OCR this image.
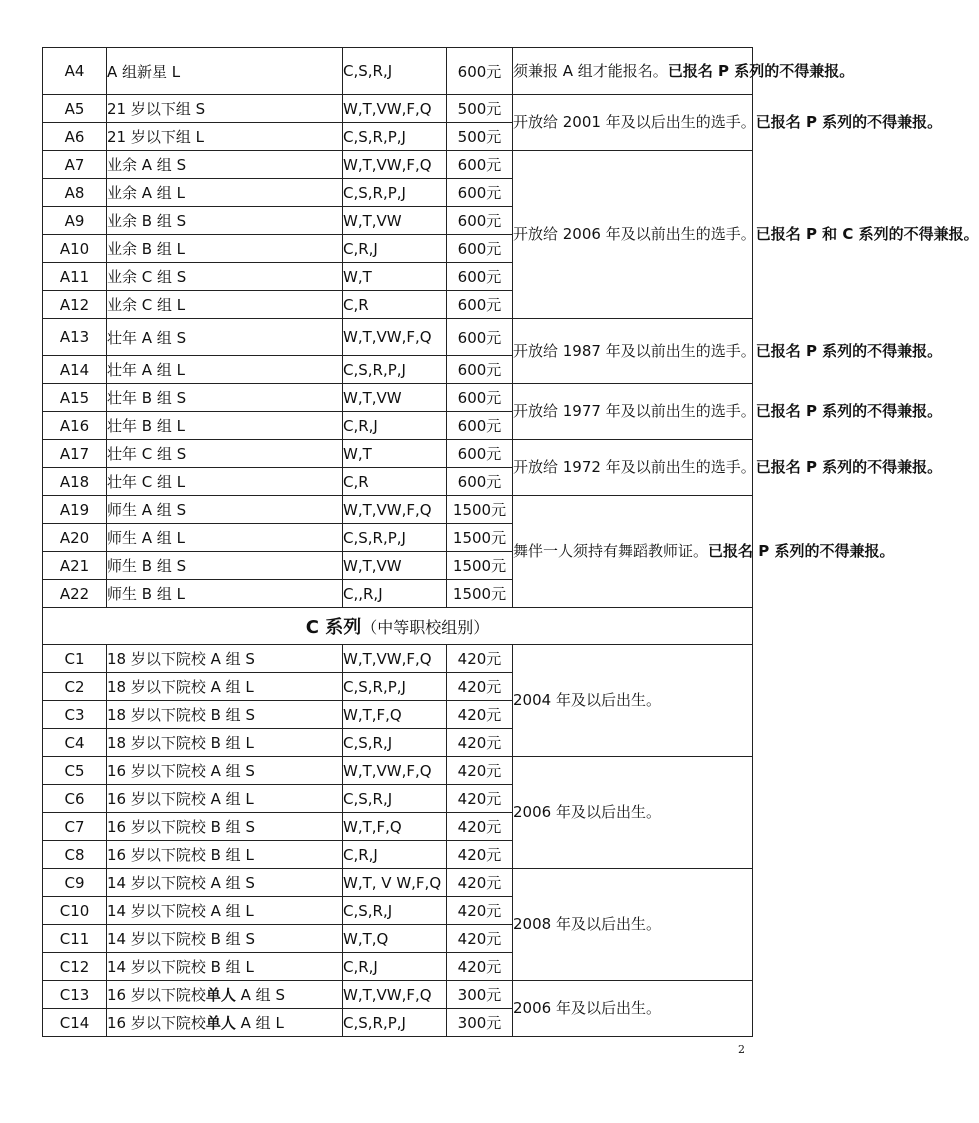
A4	A 组新星 L	C,S,R,J	600元	须兼报 A 组才能报名。已报名 P 系列的不得兼报。
A5	21 岁以下组 S	W,T,VW,F,Q	500元	开放给 2001 年及以后出生的选手。已报名 P 系列的不得兼报。
A6	21 岁以下组 L	C,S,R,P,J	500元	
A7	业余 A 组 S	W,T,VW,F,Q	600元	开放给 2006 年及以前出生的选手。已报名 P 和 C 系列的不得兼报。
A8	业余 A 组 L	C,S,R,P,J	600元	
A9	业余 B 组 S	W,T,VW	600元	
A10	业余 B 组 L	C,R,J	600元	
A11	业余 C 组 S	W,T	600元	
A12	业余 C 组 L	C,R	600元	
A13	壮年 A 组 S	W,T,VW,F,Q	600元	开放给 1987 年及以前出生的选手。已报名 P 系列的不得兼报。
A14	壮年 A 组 L	C,S,R,P,J	600元	
A15	壮年 B 组 S	W,T,VW	600元	开放给 1977 年及以前出生的选手。已报名 P 系列的不得兼报。
A16	壮年 B 组 L	C,R,J	600元	
A17	壮年 C 组 S	W,T	600元	开放给 1972 年及以前出生的选手。已报名 P 系列的不得兼报。
A18	壮年 C 组 L	C,R	600元	
A19	师生 A 组 S	W,T,VW,F,Q	1500元	舞伴一人须持有舞蹈教师证。已报名 P 系列的不得兼报。
A20	师生 A 组 L	C,S,R,P,J	1500元	
A21	师生 B 组 S	W,T,VW	1500元	
A22	师生 B 组 L	C,,R,J	1500元	
C 系列（中等职校组别）				
C1	18 岁以下院校 A 组 S	W,T,VW,F,Q	420元	2004 年及以后出生。
C2	18 岁以下院校 A 组 L	C,S,R,P,J	420元	
C3	18 岁以下院校 B 组 S	W,T,F,Q	420元	
C4	18 岁以下院校 B 组 L	C,S,R,J	420元	
C5	16 岁以下院校 A 组 S	W,T,VW,F,Q	420元	2006 年及以后出生。
C6	16 岁以下院校 A 组 L	C,S,R,J	420元	
C7	16 岁以下院校 B 组 S	W,T,F,Q	420元	
C8	16 岁以下院校 B 组 L	C,R,J	420元	
C9	14 岁以下院校 A 组 S	W,T, V W,F,Q	420元	2008 年及以后出生。
C10	14 岁以下院校 A 组 L	C,S,R,J	420元	
C11	14 岁以下院校 B 组 S	W,T,Q	420元	
C12	14 岁以下院校 B 组 L	C,R,J	420元	
C13	16 岁以下院校单人 A 组 S	W,T,VW,F,Q	300元	2006 年及以后出生。
C14	16 岁以下院校单人 A 组 L	C,S,R,P,J	300元	
2
